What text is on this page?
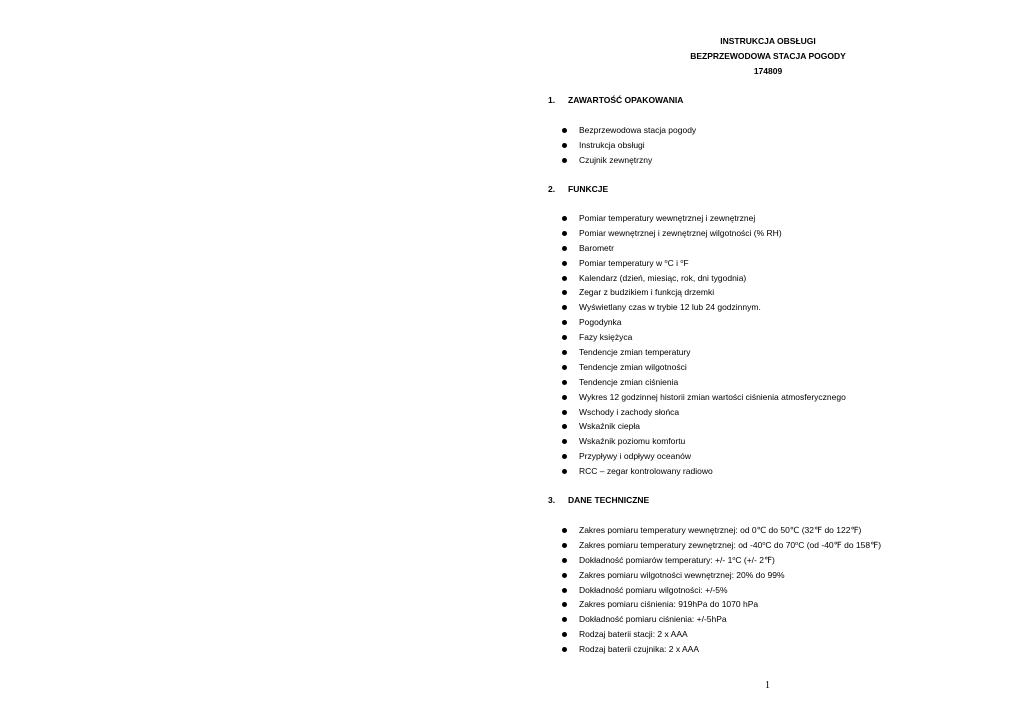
INSTRUKCJA OBSŁUGI
BEZPRZEWODOWA STACJA POGODY
174809
1. ZAWARTOŚĆ OPAKOWANIA
Bezprzewodowa stacja pogody
Instrukcja obsługi
Czujnik zewnętrzny
2. FUNKCJE
Pomiar temperatury wewnętrznej i zewnętrznej
Pomiar wewnętrznej i zewnętrznej wilgotności (% RH)
Barometr
Pomiar temperatury w $^o$C i $^o$F
Kalendarz (dzień, miesiąc, rok, dni tygodnia)
Zegar z budzikiem i funkcją drzemki
Wyświetlany czas w trybie 12 lub 24 godzinnym.
Pogodynka
Fazy księżyca
Tendencje zmian temperatury
Tendencje zmian wilgotności
Tendencje zmian ciśnienia
Wykres 12 godzinnej historii zmian wartości ciśnienia atmosferycznego
Wschody i zachody słońca
Wskaźnik ciepła
Wskaźnik poziomu komfortu
Przypływy i odpływy oceanów
RCC – zegar kontrolowany radiowo
3. DANE TECHNICZNE
Zakres pomiaru temperatury wewnętrznej: od 0℃ do 50℃ (32℉ do 122℉)
Zakres pomiaru temperatury zewnętrznej: od -40$^o$C do 70$^o$C (od -40℉ do 158℉)
Dokładność pomiarów temperatury: +/- 1$^o$C (+/- 2℉)
Zakres pomiaru wilgotności wewnętrznej: 20% do 99%
Dokładność pomiaru wilgotności: +/-5%
Zakres pomiaru ciśnienia: 919hPa do 1070 hPa
Dokładność pomiaru ciśnienia: +/-5hPa
Rodzaj baterii stacji: 2 x AAA
Rodzaj baterii czujnika: 2 x AAA
1
